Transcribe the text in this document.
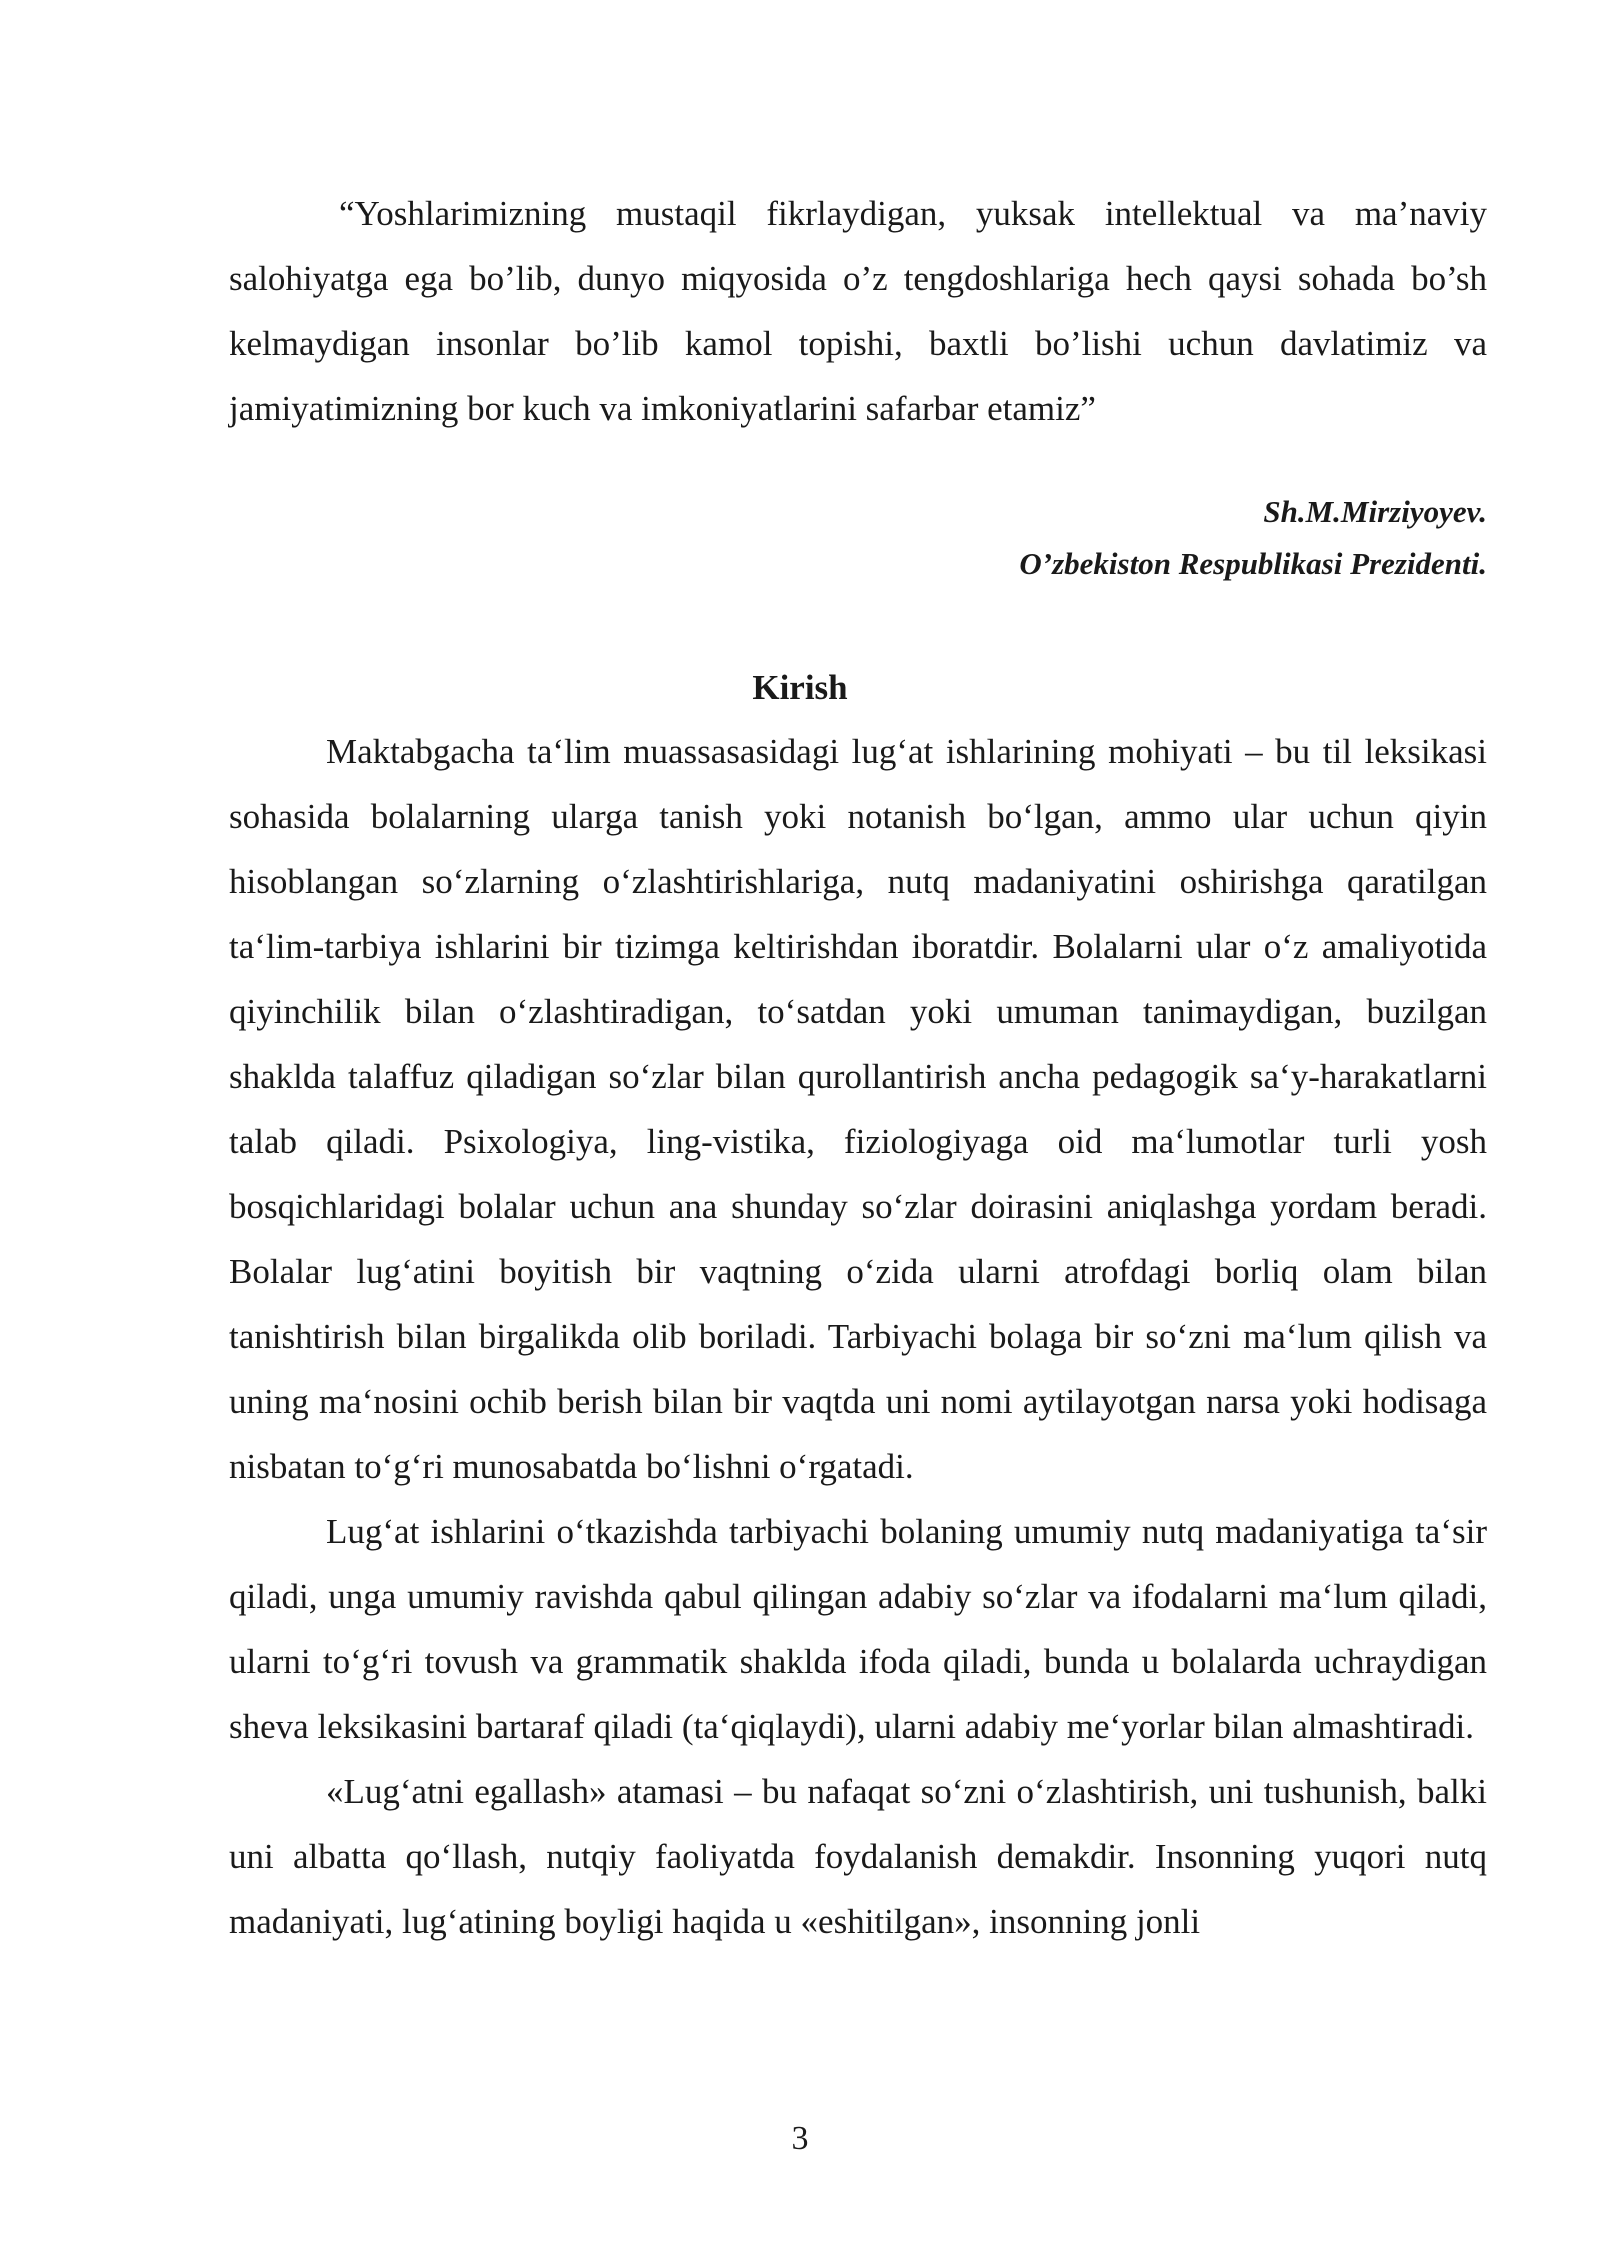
“Yoshlarimizning mustaqil fikrlaydigan, yuksak intellektual va ma’naviy salohiyatga ega bo’lib, dunyo miqyosida o’z tengdoshlariga hech qaysi sohada bo’sh kelmaydigan insonlar bo’lib kamol topishi, baxtli bo’lishi uchun davlatimiz va jamiyatimizning bor kuch va imkoniyatlarini safarbar etamiz”

Sh.M.Mirziyoyev.
O’zbekiston Respublikasi Prezidenti.
Kirish

Maktabgacha ta‘lim muassasasidagi lug‘at ishlarining mohiyati – bu til leksikasi sohasida bolalarning ularga tanish yoki notanish bo‘lgan, ammo ular uchun qiyin hisoblangan so‘zlarning o‘zlashtirishlariga, nutq madaniyatini oshirishga qaratilgan ta‘lim-tarbiya ishlarini bir tizimga keltirishdan iboratdir. Bolalarni ular o‘z amaliyotida qiyinchilik bilan o‘zlashtiradigan, to‘satdan yoki umuman tanimaydigan, buzilgan shaklda talaffuz qiladigan so‘zlar bilan qurollantirish ancha pedagogik sa‘y-harakatlarni talab qiladi. Psixologiya, ling-vistika, fiziologiyaga oid ma‘lumotlar turli yosh bosqichlaridagi bolalar uchun ana shunday so‘zlar doirasini aniqlashga yordam beradi. Bolalar lug‘atini boyitish bir vaqtning o‘zida ularni atrofdagi borliq olam bilan tanishtirish bilan birgalikda olib boriladi. Tarbiyachi bolaga bir so‘zni ma‘lum qilish va uning ma‘nosini ochib berish bilan bir vaqtda uni nomi aytilayotgan narsa yoki hodisaga nisbatan to‘g‘ri munosabatda bo‘lishni o‘rgatadi.

Lug‘at ishlarini o‘tkazishda tarbiyachi bolaning umumiy nutq madaniyatiga ta‘sir qiladi, unga umumiy ravishda qabul qilingan adabiy so‘zlar va ifodalarni ma‘lum qiladi, ularni to‘g‘ri tovush va grammatik shaklda ifoda qiladi, bunda u bolalarda uchraydigan sheva leksikasini bartaraf qiladi (ta‘qiqlaydi), ularni adabiy me‘yorlar bilan almashtiradi.

«Lug‘atni egallash» atamasi – bu nafaqat so‘zni o‘zlashtirish, uni tushunish, balki uni albatta qo‘llash, nutqiy faoliyatda foydalanish demakdir. Insonning yuqori nutq madaniyati, lug‘atining boyligi haqida u «eshitilgan», insonning jonli

3
